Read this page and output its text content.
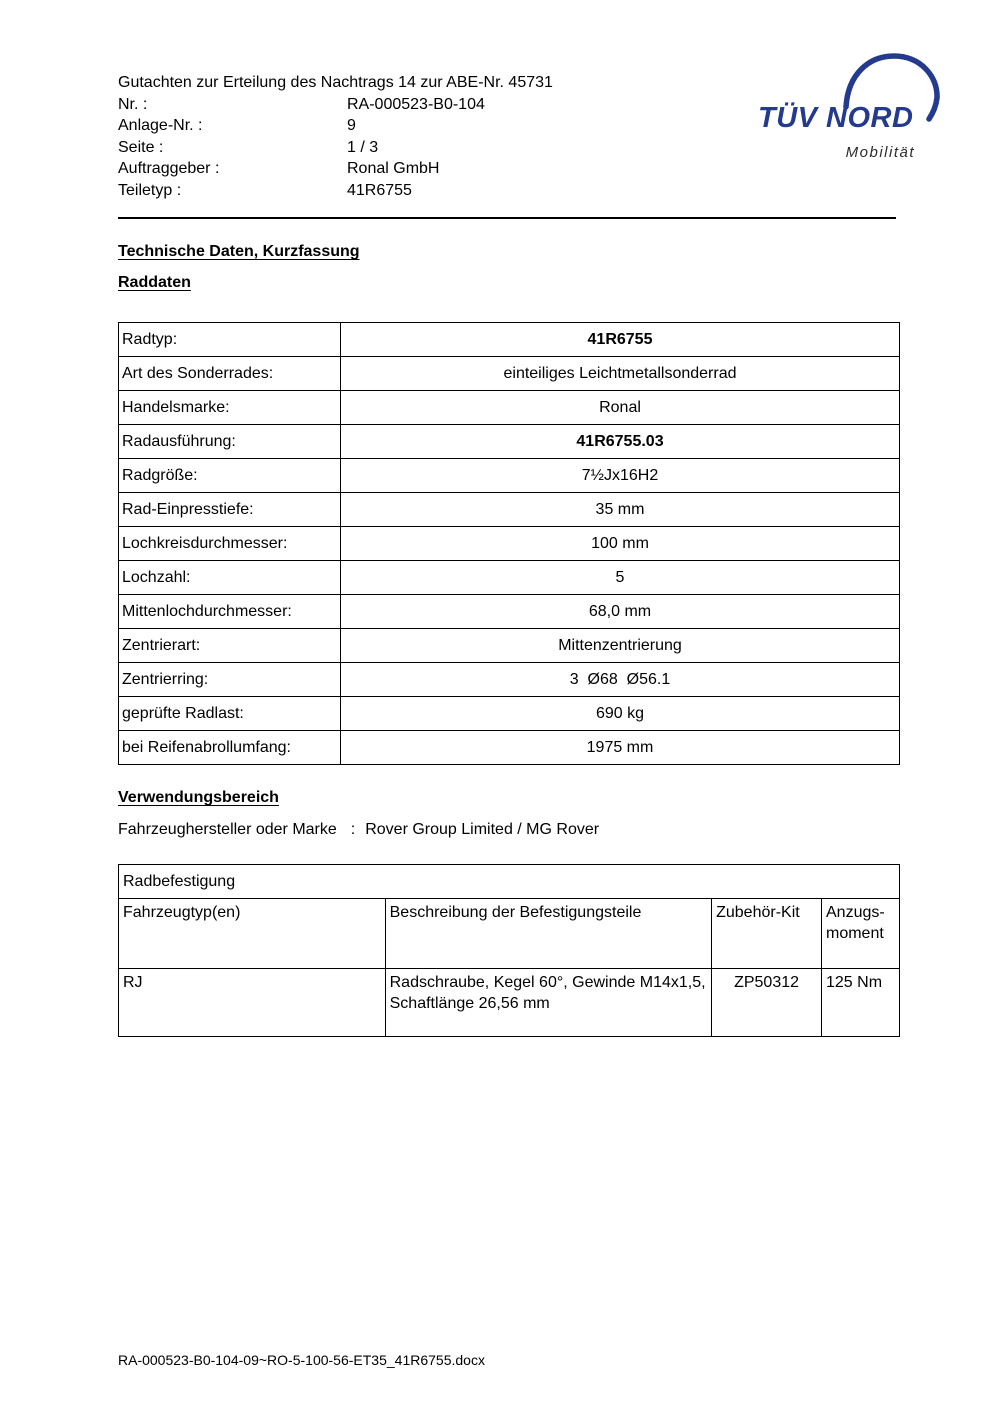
TÜV NORD
Mobilität
Gutachten zur Erteilung des Nachtrags 14 zur ABE-Nr. 45731
Nr. :	RA-000523-B0-104
Anlage-Nr. :	9
Seite :	1 / 3
Auftraggeber :	Ronal GmbH
Teiletyp :	41R6755
Technische Daten, Kurzfassung
Raddaten
Radtyp:	41R6755
Art des Sonderrades:	einteiliges Leichtmetallsonderrad
Handelsmarke:	Ronal
Radausführung:	41R6755.03
Radgröße:	7½Jx16H2
Rad-Einpresstiefe:	35 mm
Lochkreisdurchmesser:	100 mm
Lochzahl:	5
Mittenlochdurchmesser:	68,0 mm
Zentrierart:	Mittenzentrierung
Zentrierring:	3  Ø68  Ø56.1
geprüfte Radlast:	690 kg
bei Reifenabrollumfang:	1975 mm
Verwendungsbereich
Fahrzeughersteller oder Marke : Rover Group Limited / MG Rover
Radbefestigung			
Fahrzeugtyp(en)	Beschreibung der Befestigungsteile	Zubehör-Kit	Anzugs-moment
RJ	Radschraube, Kegel 60°, Gewinde M14x1,5, Schaftlänge 26,56 mm	ZP50312	125 Nm
RA-000523-B0-104-09~RO-5-100-56-ET35_41R6755.docx
